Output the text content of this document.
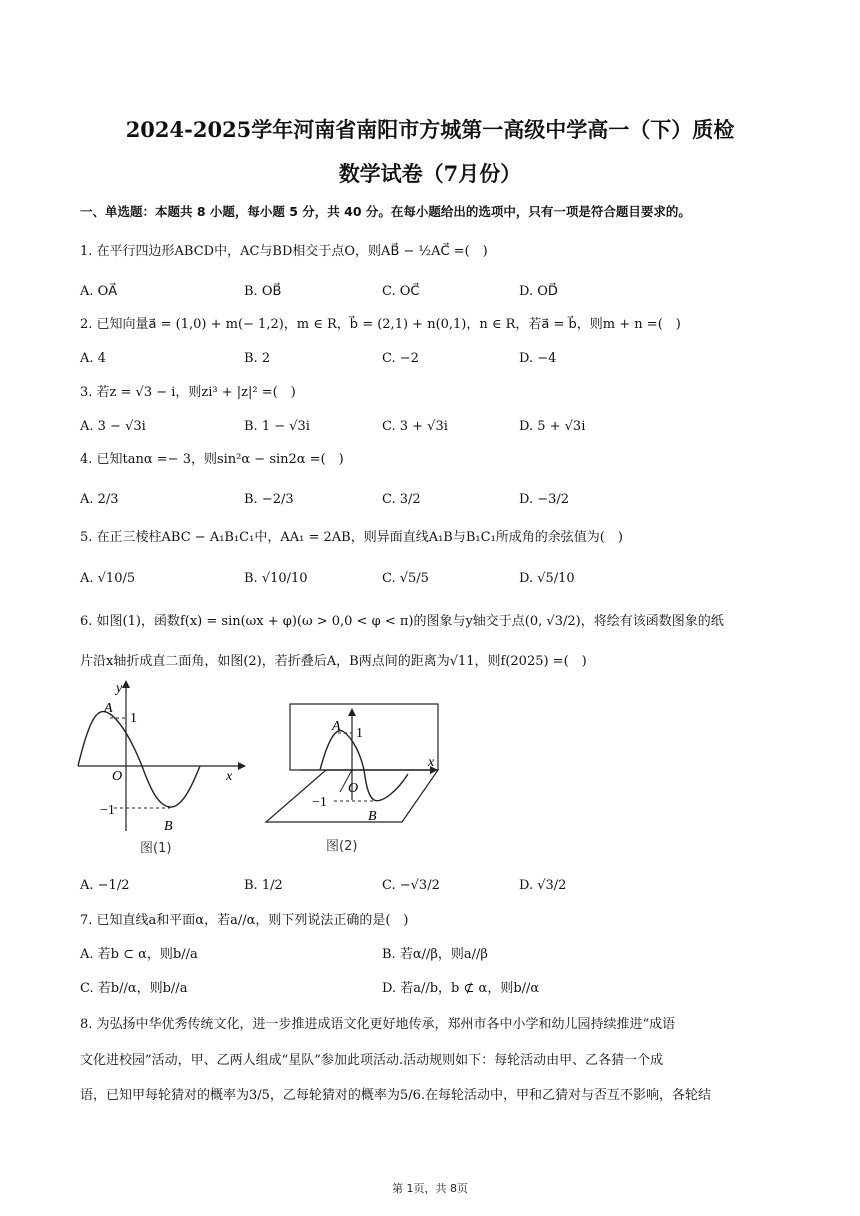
2024-2025学年河南省南阳市方城第一高级中学高一（下）质检
数学试卷（7月份）
一、单选题：本题共 8 小题，每小题 5 分，共 40 分。在每小题给出的选项中，只有一项是符合题目要求的。
1. 在平行四边形ABCD中，AC与BD相交于点O，则AB⃗ − ½AC⃗ =(　)
A. OA⃗	B. OB⃗	C. OC⃗	D. OD⃗
2. 已知向量a⃗ = (1,0) + m(− 1,2)，m ∈ R，b⃗ = (2,1) + n(0,1)，n ∈ R，若a⃗ = b⃗，则m + n =(　)
A. 4	B. 2	C. −2	D. −4
3. 若z = √3 − i，则zi³ + |z|² =(　)
A. 3 − √3i	B. 1 − √3i	C. 3 + √3i	D. 5 + √3i
4. 已知tanα =− 3，则sin²α − sin2α =(　)
A. 2/3	B. −2/3	C. 3/2	D. −3/2
5. 在正三棱柱ABC − A₁B₁C₁中，AA₁ = 2AB，则异面直线A₁B与B₁C₁所成角的余弦值为(　)
A. √10/5	B. √10/10	C. √5/5	D. √5/10
6. 如图(1)，函数f(x) = sin(ωx + φ)(ω > 0,0 < φ < π)的图象与y轴交于点(0, √3/2)，将绘有该函数图象的纸
片沿x轴折成直二面角，如图(2)，若折叠后A，B两点间的距离为√11，则f(2025) =(　)
y
x
A
1
O
−1
B
图(1)
A 1
x
O
−1
B
图(2)
A. −1/2	B. 1/2	C. −√3/2	D. √3/2
7. 已知直线a和平面α，若a//α，则下列说法正确的是(　)
A. 若b ⊂ α，则b//a	B. 若α//β，则a//β
C. 若b//α，则b//a	D. 若a//b，b ⊄ α，则b//α
8. 为弘扬中华优秀传统文化，进一步推进成语文化更好地传承，郑州市各中小学和幼儿园持续推进“成语
文化进校园”活动，甲、乙两人组成“星队”参加此项活动.活动规则如下：每轮活动由甲、乙各猜一个成
语，已知甲每轮猜对的概率为3/5，乙每轮猜对的概率为5/6.在每轮活动中，甲和乙猜对与否互不影响，各轮结
第 1页，共 8页
